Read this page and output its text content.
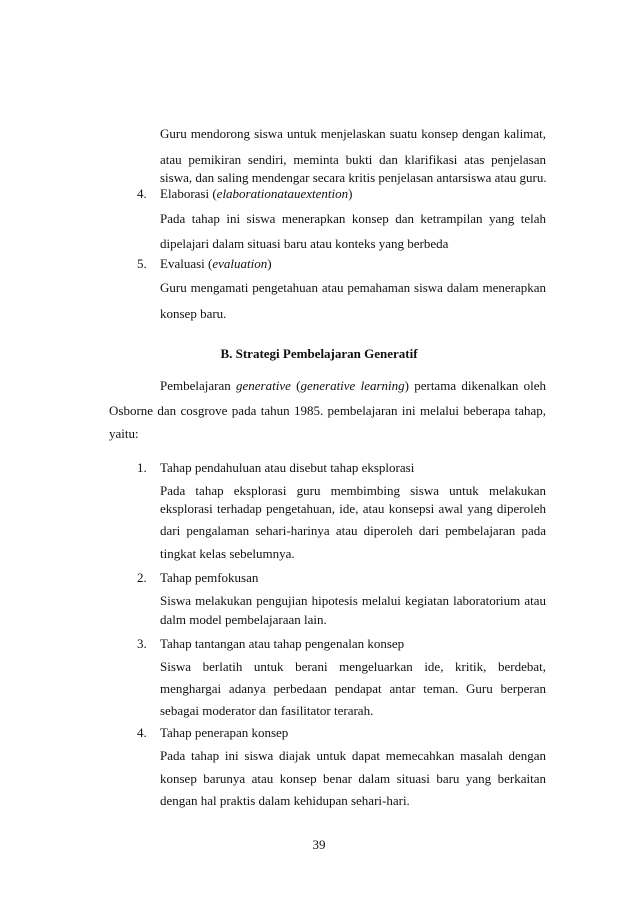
Guru mendorong siswa untuk menjelaskan suatu konsep dengan kalimat,
atau pemikiran sendiri, meminta bukti dan klarifikasi atas penjelasan
siswa, dan saling mendengar secara kritis penjelasan antarsiswa atau guru.
4. Elaborasi (elaborationatauextention)
Pada tahap ini siswa menerapkan konsep dan ketrampilan yang telah
dipelajari dalam situasi baru atau konteks yang berbeda
5. Evaluasi (evaluation)
Guru mengamati pengetahuan atau pemahaman siswa dalam menerapkan
konsep baru.
B. Strategi Pembelajaran Generatif
Pembelajaran generative (generative learning) pertama dikenalkan oleh
Osborne dan cosgrove pada tahun 1985. pembelajaran ini melalui beberapa tahap,
yaitu:
1. Tahap pendahuluan atau disebut tahap eksplorasi
Pada tahap eksplorasi guru membimbing siswa untuk melakukan
eksplorasi terhadap pengetahuan, ide, atau konsepsi awal yang diperoleh
dari pengalaman sehari-harinya atau diperoleh dari pembelajaran pada
tingkat kelas sebelumnya.
2. Tahap pemfokusan
Siswa melakukan pengujian hipotesis melalui kegiatan laboratorium atau
dalm model pembelajaraan lain.
3. Tahap tantangan atau tahap pengenalan konsep
Siswa berlatih untuk berani mengeluarkan ide, kritik, berdebat,
menghargai adanya perbedaan pendapat antar teman. Guru berperan
sebagai moderator dan fasilitator terarah.
4. Tahap penerapan konsep
Pada tahap ini siswa diajak untuk dapat memecahkan masalah dengan
konsep barunya atau konsep benar dalam situasi baru yang berkaitan
dengan hal praktis dalam kehidupan sehari-hari.
39
